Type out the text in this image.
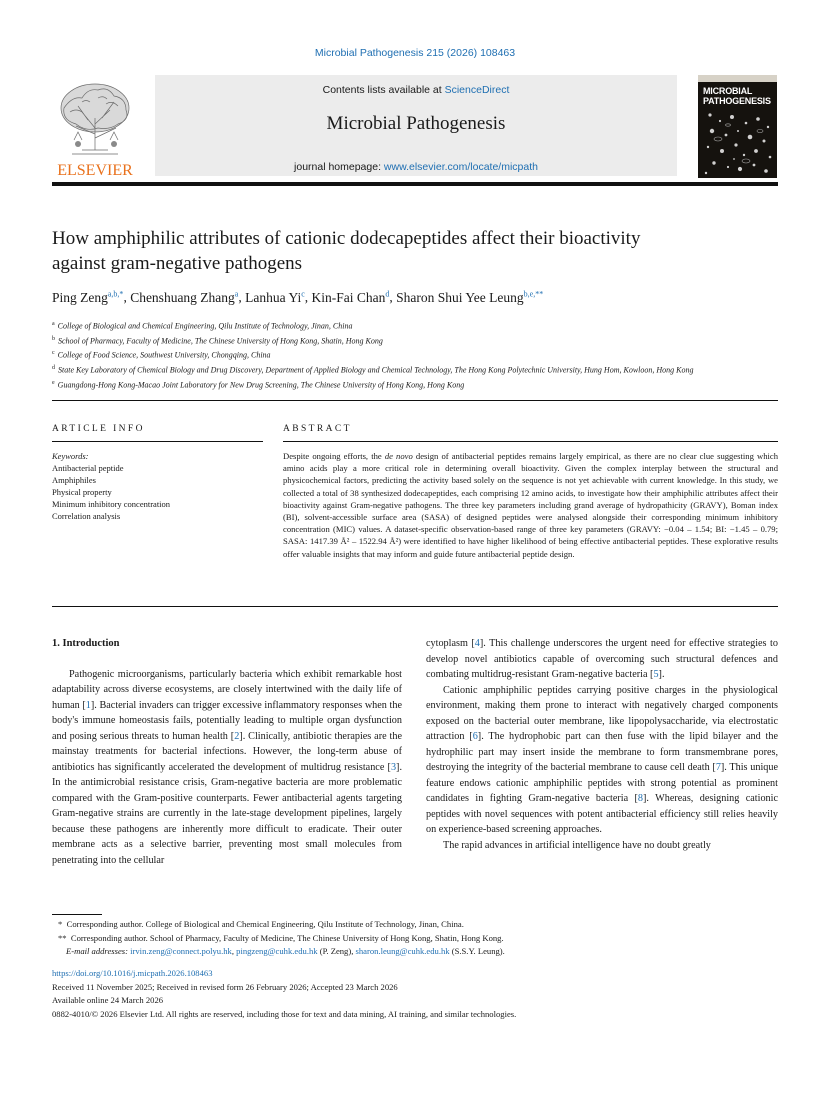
Microbial Pathogenesis 215 (2026) 108463
Contents lists available at ScienceDirect
Microbial Pathogenesis
journal homepage: www.elsevier.com/locate/micpath
ELSEVIER
MICROBIAL
PATHOGENESIS
How amphiphilic attributes of cationic dodecapeptides affect their bioactivity against gram-negative pathogens
Ping Zeng$^{a,b,*}$, Chenshuang Zhang$^a$, Lanhua Yi$^c$, Kin-Fai Chan$^d$, Sharon Shui Yee Leung$^{b,e,**}$
$^a$ College of Biological and Chemical Engineering, Qilu Institute of Technology, Jinan, China
$^b$ School of Pharmacy, Faculty of Medicine, The Chinese University of Hong Kong, Shatin, Hong Kong
$^c$ College of Food Science, Southwest University, Chongqing, China
$^d$ State Key Laboratory of Chemical Biology and Drug Discovery, Department of Applied Biology and Chemical Technology, The Hong Kong Polytechnic University, Hung Hom, Kowloon, Hong Kong
$^e$ Guangdong-Hong Kong-Macao Joint Laboratory for New Drug Screening, The Chinese University of Hong Kong, Hong Kong
ARTICLE INFO	ABSTRACT
Keywords:
Antibacterial peptide
Amphiphiles
Physical property
Minimum inhibitory concentration
Correlation analysis
Despite ongoing efforts, the de novo design of antibacterial peptides remains largely empirical, as there are no clear clue suggesting which amino acids play a more critical role in determining overall bioactivity. Given the complex interplay between the structural and physicochemical factors, predicting the activity based solely on the sequence is not yet achievable with current knowledge. In this study, we collected a total of 38 synthesized dodecapeptides, each comprising 12 amino acids, to investigate how their amphiphilic attributes affect their bioactivity against Gram-negative pathogens. The three key parameters including grand average of hydropathicity (GRAVY), Boman index (BI), solvent-accessible surface area (SASA) of designed peptides were analysed alongside their corresponding minimum inhibitory concentration (MIC) values. A dataset-specific observation-based range of three key parameters (GRAVY: −0.04 – 1.54; BI: −1.45 – 0.79; SASA: 1417.39 Å² – 1522.94 Å²) were identified to have higher likelihood of being effective antibacterial peptides. These explorative results offer valuable insights that may inform and guide future antibacterial peptide design.
1. Introduction

Pathogenic microorganisms, particularly bacteria which exhibit remarkable host adaptability across diverse ecosystems, are closely intertwined with the daily life of human [1]. Bacterial invaders can trigger excessive inflammatory responses when the body's immune homeostasis fails, potentially leading to multiple organ dysfunction and posing serious threats to human health [2]. Clinically, antibiotic therapies are the mainstay treatments for bacterial infections. However, the long-term abuse of antibiotics has significantly accelerated the development of multidrug resistance [3]. In the antimicrobial resistance crisis, Gram-negative bacteria are more problematic compared with the Gram-positive counterparts. Fewer antibacterial agents targeting Gram-negative strains are currently in the late-stage development pipelines, largely because these pathogens are inherently more difficult to eradicate. Their outer membrane acts as a selective barrier, preventing most small molecules from penetrating into the cellular

cytoplasm [4]. This challenge underscores the urgent need for effective strategies to develop novel antibiotics capable of overcoming such structural defences and combating multidrug-resistant Gram-negative bacteria [5].

Cationic amphiphilic peptides carrying positive charges in the physiological environment, making them prone to interact with negatively charged components exposed on the bacterial outer membrane, like lipopolysaccharide, via electrostatic attraction [6]. The hydrophobic part can then fuse with the lipid bilayer and the hydrophilic part may insert inside the membrane to form transmembrane pores, destroying the integrity of the bacterial membrane to cause cell death [7]. This unique feature endows cationic amphiphilic peptides with strong potential as prominent candidates in fighting Gram-negative bacteria [8]. Whereas, designing cationic peptides with novel sequences with potent antibacterial efficiency still relies heavily on experience-based screening approaches.

The rapid advances in artificial intelligence have no doubt greatly

* Corresponding author. College of Biological and Chemical Engineering, Qilu Institute of Technology, Jinan, China.
** Corresponding author. School of Pharmacy, Faculty of Medicine, The Chinese University of Hong Kong, Shatin, Hong Kong.
E-mail addresses: irvin.zeng@connect.polyu.hk, pingzeng@cuhk.edu.hk (P. Zeng), sharon.leung@cuhk.edu.hk (S.S.Y. Leung).
https://doi.org/10.1016/j.micpath.2026.108463
Received 11 November 2025; Received in revised form 26 February 2026; Accepted 23 March 2026
Available online 24 March 2026
0882-4010/© 2026 Elsevier Ltd. All rights are reserved, including those for text and data mining, AI training, and similar technologies.
